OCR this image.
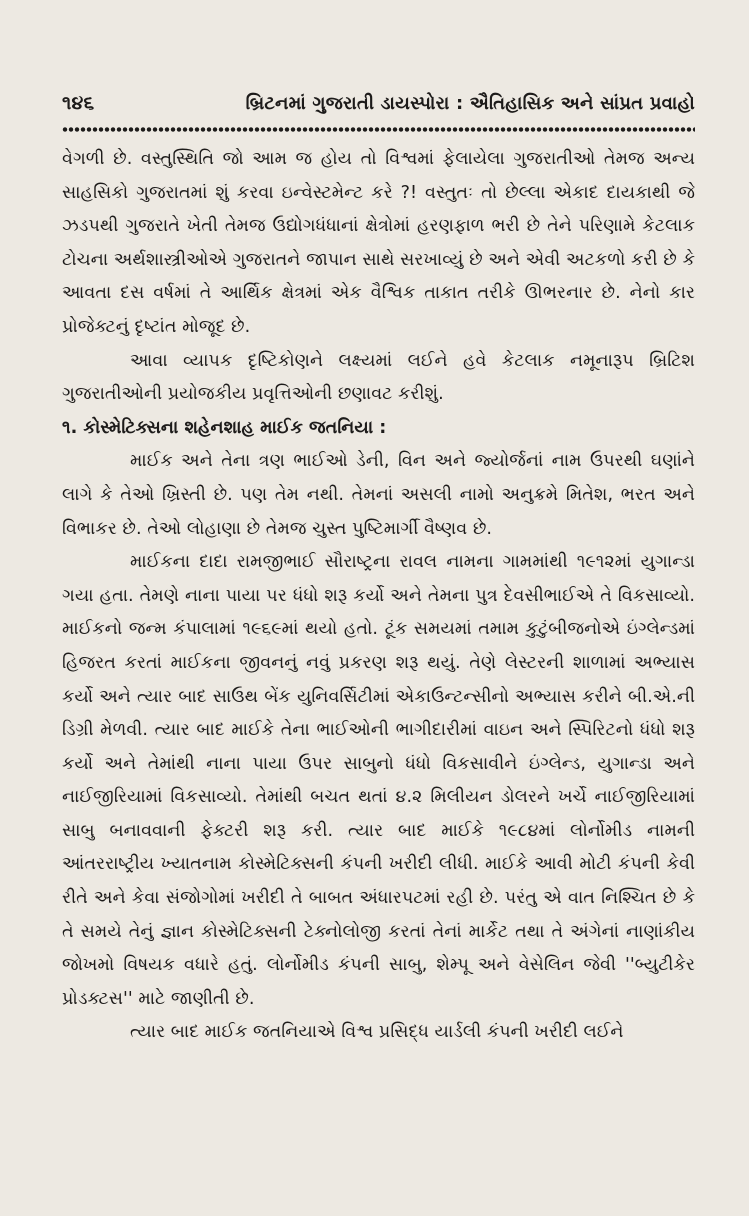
૧૪૬	બ્રિટનમાં ગુજરાતી ડાયસ્પોરા : ઐતિહાસિક અને સાંપ્રત પ્રવાહો

વેગળી છે. વસ્તુસ્થિતિ જો આમ જ હોય તો વિશ્વમાં ફેલાયેલા ગુજરાતીઓ તેમજ અન્ય સાહસિકો ગુજરાતમાં શું કરવા ઇન્વેસ્ટમેન્ટ કરે ?! વસ્તુતઃ તો છેલ્લા એકાદ દાયકાથી જે ઝડપથી ગુજરાતે ખેતી તેમજ ઉદ્યોગધંધાનાં ક્ષેત્રોમાં હરણફાળ ભરી છે તેને પરિણામે કેટલાક ટોચના અર્થશાસ્ત્રીઓએ ગુજરાતને જાપાન સાથે સરખાવ્યું છે અને એવી અટકળો કરી છે કે આવતા દસ વર્ષમાં તે આર્થિક ક્ષેત્રમાં એક વૈશ્વિક તાકાત તરીકે ઊભરનાર છે. નેનો કાર પ્રોજેક્ટનું દૃષ્ટાંત મોજૂદ છે.

આવા વ્યાપક દૃષ્ટિકોણને લક્ષ્યમાં લઈને હવે કેટલાક નમૂનારૂપ બ્રિટિશ ગુજરાતીઓની પ્રયોજકીય પ્રવૃત્તિઓની છણાવટ કરીશું.

૧. કોસ્મેટિક્સના શહેનશાહ માઈક જતનિયા :

માઈક અને તેના ત્રણ ભાઈઓ ડેની, વિન અને જ્યોર્જનાં નામ ઉપરથી ઘણાંને લાગે કે તેઓ ખ્રિસ્તી છે. પણ તેમ નથી. તેમનાં અસલી નામો અનુક્રમે મિતેશ, ભરત અને વિભાકર છે. તેઓ લોહાણા છે તેમજ ચુસ્ત પુષ્ટિમાર્ગી વૈષ્ણવ છે.

માઈકના દાદા રામજીભાઈ સૌરાષ્ટ્રના રાવલ નામના ગામમાંથી ૧૯૧૨માં યુગાન્ડા ગયા હતા. તેમણે નાના પાયા પર ધંધો શરૂ કર્યો અને તેમના પુત્ર દેવસીભાઈએ તે વિકસાવ્યો. માઈકનો જન્મ કંપાલામાં ૧૯૬૯માં થયો હતો. ટૂંક સમયમાં તમામ કુટુંબીજનોએ ઇંગ્લેન્ડમાં હિજરત કરતાં માઈકના જીવનનું નવું પ્રકરણ શરૂ થયું. તેણે લેસ્ટરની શાળામાં અભ્યાસ કર્યો અને ત્યાર બાદ સાઉથ બેંક યુનિવર્સિટીમાં એકાઉન્ટન્સીનો અભ્યાસ કરીને બી.એ.ની ડિગ્રી મેળવી. ત્યાર બાદ માઈકે તેના ભાઈઓની ભાગીદારીમાં વાઇન અને સ્પિરિટનો ધંધો શરૂ કર્યો અને તેમાંથી નાના પાયા ઉપર સાબુનો ધંધો વિકસાવીને ઇંગ્લેન્ડ, યુગાન્ડા અને નાઈજીરિયામાં વિકસાવ્યો. તેમાંથી બચત થતાં ૪.૨ મિલીયન ડોલરને ખર્ચે નાઈજીરિયામાં સાબુ બનાવવાની ફેક્ટરી શરૂ કરી. ત્યાર બાદ માઈકે ૧૯૮૪માં લોર્નોમીડ નામની આંતરરાષ્ટ્રીય ખ્યાતનામ કોસ્મેટિક્સની કંપની ખરીદી લીધી. માઈકે આવી મોટી કંપની કેવી રીતે અને કેવા સંજોગોમાં ખરીદી તે બાબત અંધારપટમાં રહી છે. પરંતુ એ વાત નિશ્ચિત છે કે તે સમયે તેનું જ્ઞાન કોસ્મેટિક્સની ટેક્નોલોજી કરતાં તેનાં માર્કેટ તથા તે અંગેનાં નાણાંકીય જોખમો વિષયક વધારે હતું. લોર્નોમીડ કંપની સાબુ, શેમ્પૂ અને વેસેલિન જેવી ''બ્યુટીકેર પ્રોડક્ટસ'' માટે જાણીતી છે.

ત્યાર બાદ માઈક જતનિયાએ વિશ્વ પ્રસિદ્ધ યાર્ડલી કંપની ખરીદી લઈને
